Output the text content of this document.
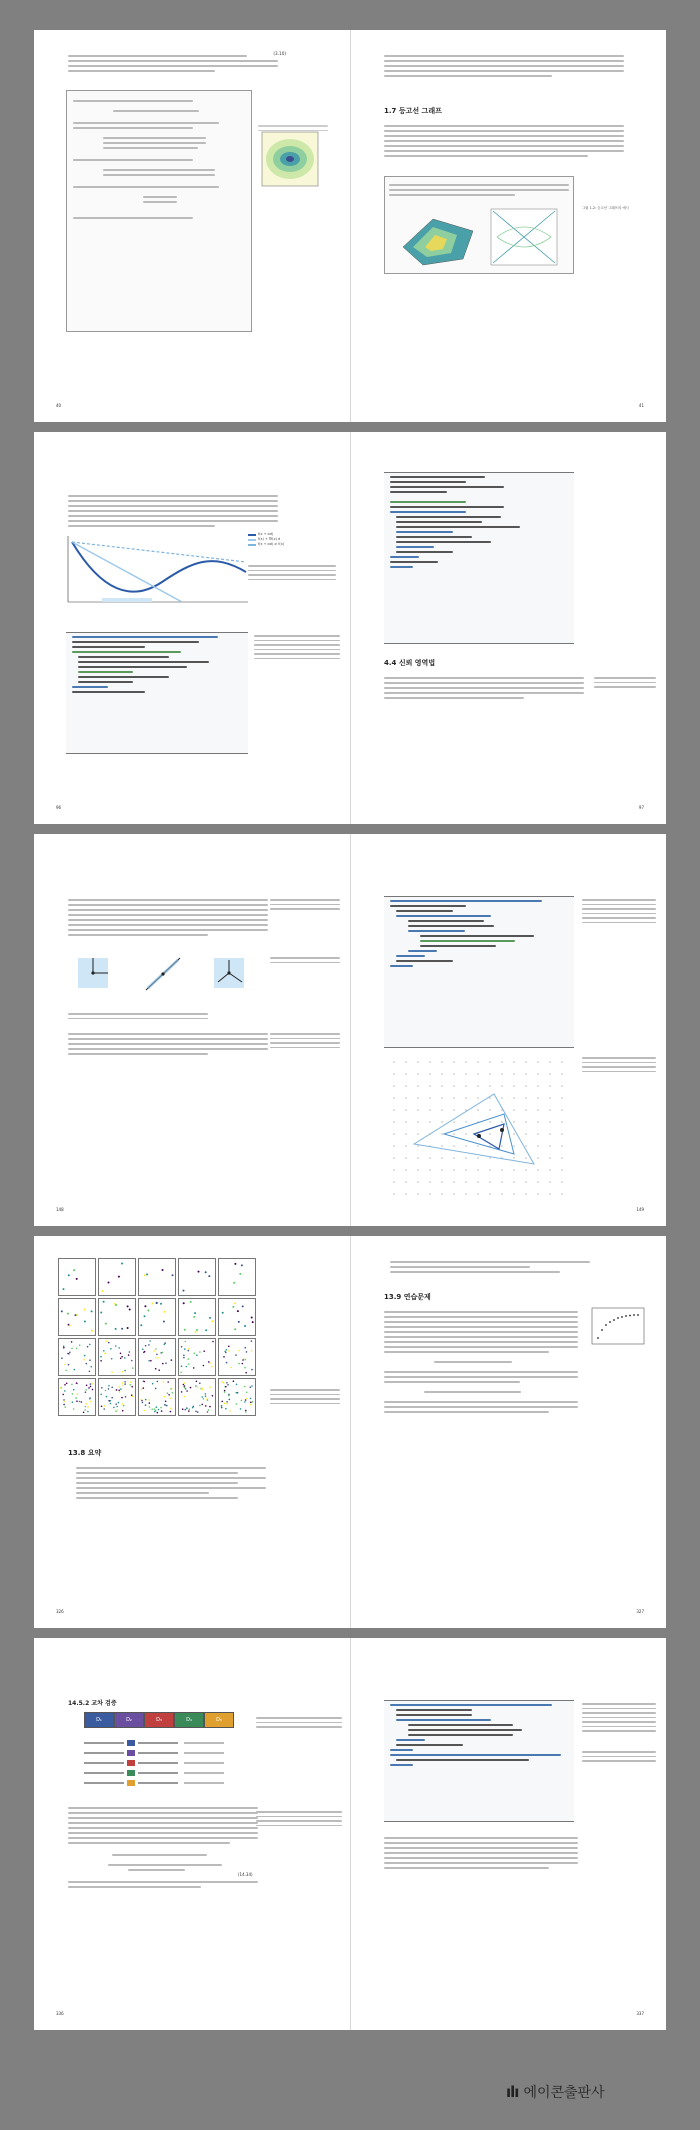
(3.10)
40
1.7 등고선 그래프
그림 1.2: 등고선 그래프의 예시
41
f(x + αd)
f(x) + ∇f(x) d
f(x + αd) ≥ f(x)
96
4.4 신뢰 영역법
97
148	149
13.8 요약
326
13.9 연습문제
327
14.5.2 교차 검증
D₁	D₂	D₃	D₄	D₅
(14.34)
336	337
ılı 에이콘출판사
